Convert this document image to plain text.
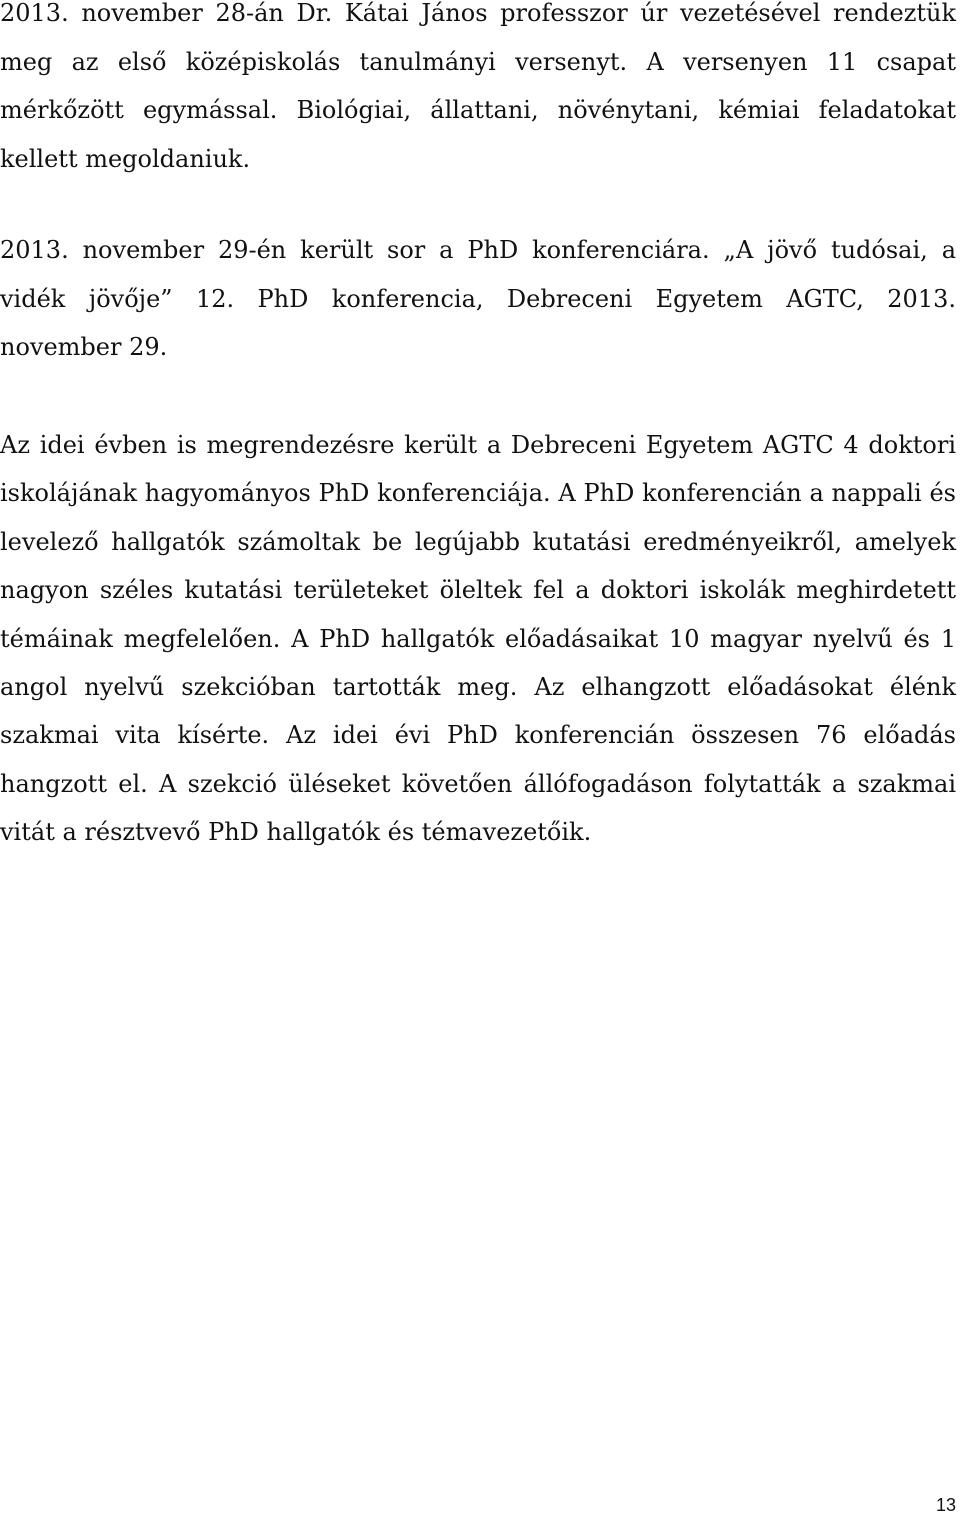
2013. november 28-án Dr. Kátai János professzor úr vezetésével rendeztük meg az első középiskolás tanulmányi versenyt. A versenyen 11 csapat mérkőzött egymással. Biológiai, állattani, növénytani, kémiai feladatokat kellett megoldaniuk.

2013. november 29-én került sor a PhD konferenciára. „A jövő tudósai, a vidék jövője” 12. PhD konferencia, Debreceni Egyetem AGTC, 2013. november 29.

Az idei évben is megrendezésre került a Debreceni Egyetem AGTC 4 doktori iskolájának hagyományos PhD konferenciája. A PhD konferencián a nappali és levelező hallgatók számoltak be legújabb kutatási eredményeikről, amelyek nagyon széles kutatási területeket öleltek fel a doktori iskolák meghirdetett témáinak megfelelően. A PhD hallgatók előadásaikat 10 magyar nyelvű és 1 angol nyelvű szekcióban tartották meg. Az elhangzott előadásokat élénk szakmai vita kísérte. Az idei évi PhD konferencián összesen 76 előadás hangzott el. A szekció üléseket követően állófogadáson folytatták a szakmai vitát a résztvevő PhD hallgatók és témavezetőik.

13
